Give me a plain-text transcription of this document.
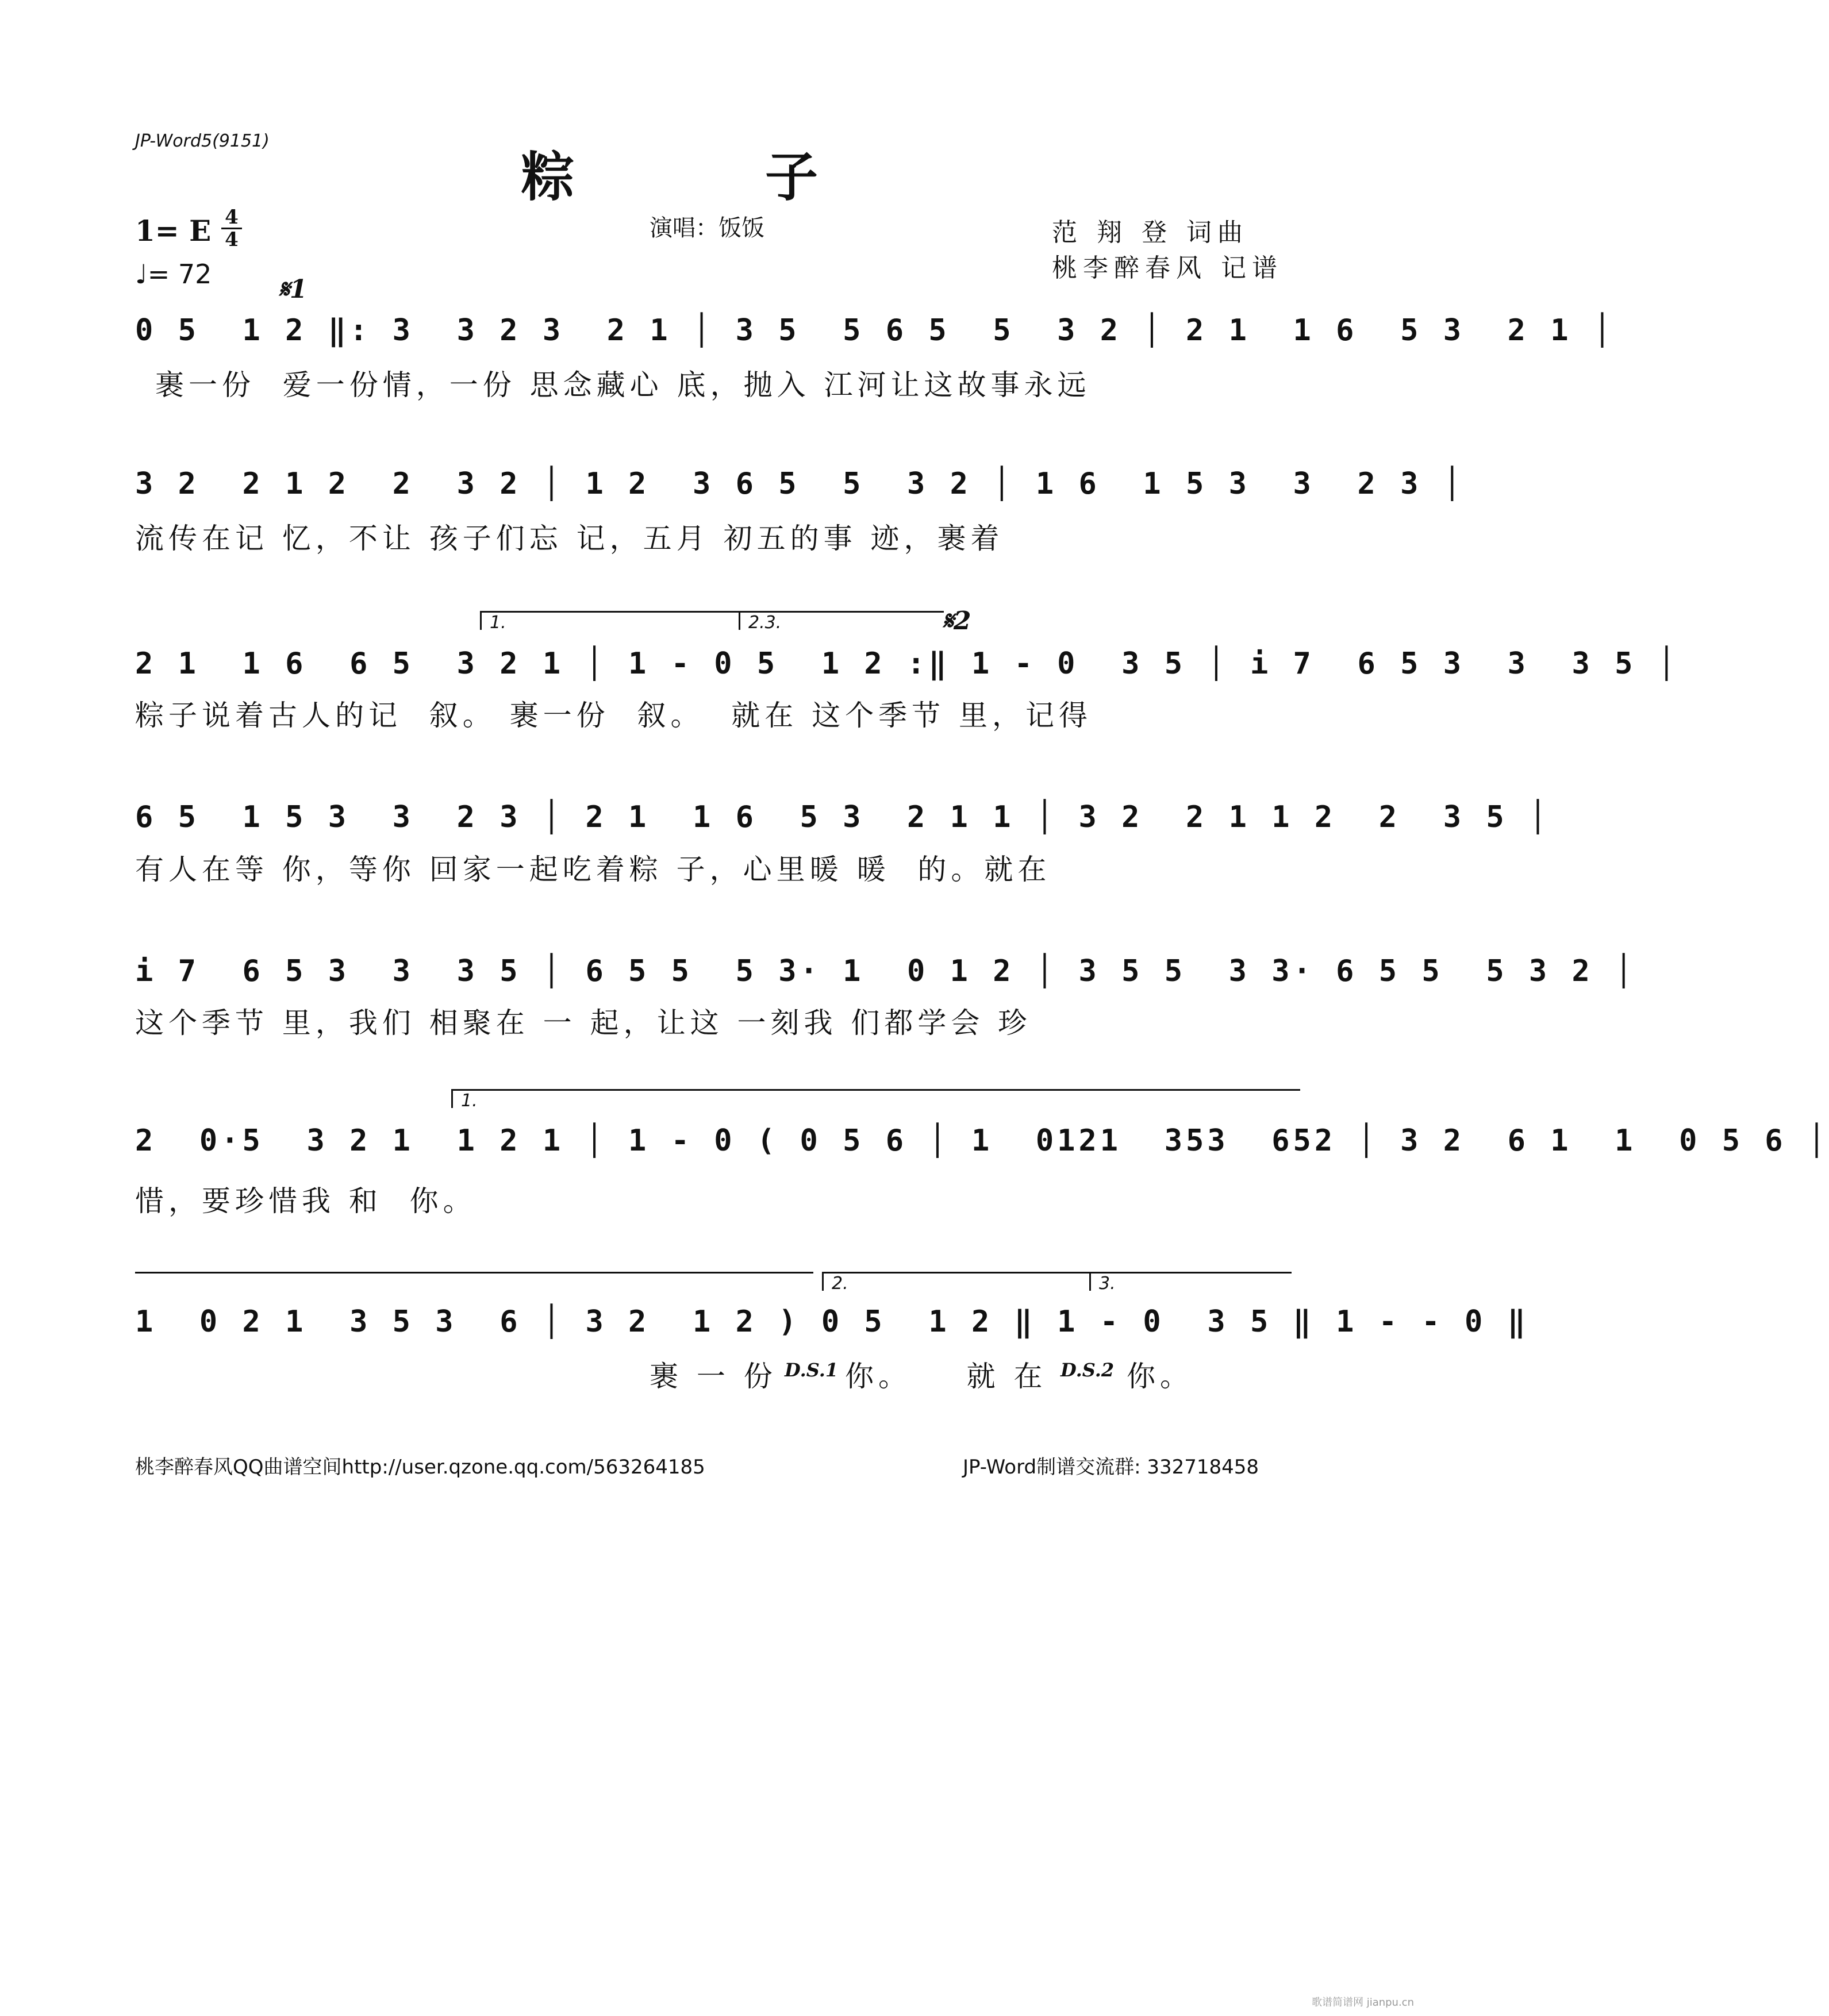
JP-Word5(9151)
粽 子
1= E 4
4
♩= 72
演唱：饭饭	范 翔 登 词曲
桃李醉春风 记谱
𝄋1
0 5  1 2 ‖: 3  3 2 3  2 1 │ 3 5  5 6 5  5  3 2 │ 2 1  1 6  5 3  2 1 │
裹一份  爱一份情，一份 思念藏心 底，抛入 江河让这故事永远
3 2  2 1 2  2  3 2 │ 1 2  3 6 5  5  3 2 │ 1 6  1 5 3  3  2 3 │
流传在记 忆，不让 孩子们忘 记，五月 初五的事 迹，裹着
1.	2.3.	𝄋2
2 1  1 6  6 5  3 2 1 │ 1 - 0 5  1 2 :‖ 1 - 0  3 5 │ i 7  6 5 3  3  3 5 │
粽子说着古人的记  叙。 裹一份  叙。  就在 这个季节 里，记得
6 5  1 5 3  3  2 3 │ 2 1  1 6  5 3  2 1 1 │ 3 2  2 1 1 2  2  3 5 │
有人在等 你，等你 回家一起吃着粽 子，心里暖 暖  的。就在
i 7  6 5 3  3  3 5 │ 6 5 5  5 3· 1  0 1 2 │ 3 5 5  3 3· 6 5 5  5 3 2 │
这个季节 里，我们 相聚在 一 起，让这 一刻我 们都学会 珍
1.
2  0·5  3 2 1  1 2 1 │ 1 - 0 ( 0 5 6 │ 1  0121  353  652 │ 3 2  6 1  1  0 5 6 │
惜，要珍惜我 和  你。
2.	3.
1  0 2 1  3 5 3  6 │ 3 2  1 2 ) 0 5  1 2 ‖ 1 - 0  3 5 ‖ 1 - - 0 ‖
裹 一 份 D.S.1 你。    就 在 D.S.2 你。
桃李醉春风QQ曲谱空间http://user.qzone.qq.com/563264185	JP-Word制谱交流群: 332718458
歌谱简谱网 jianpu.cn
